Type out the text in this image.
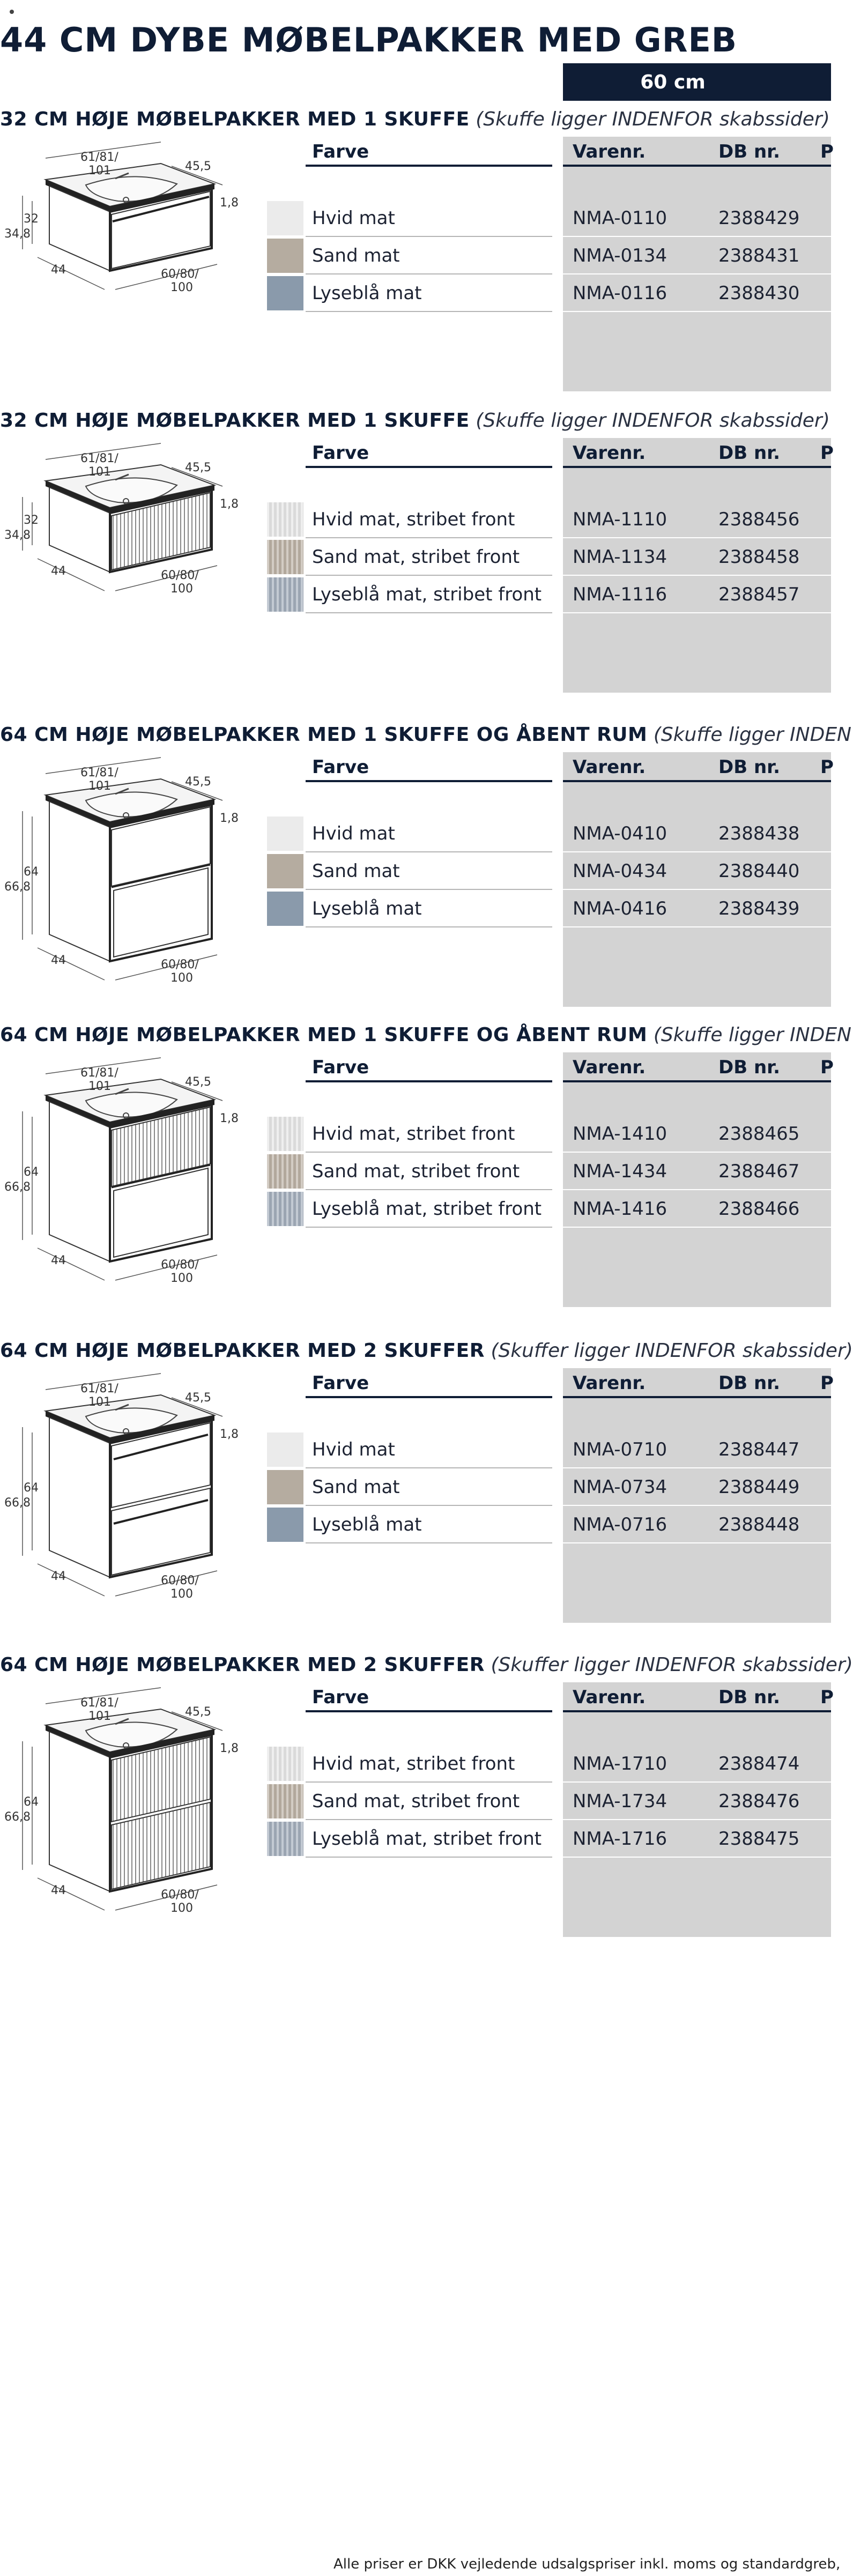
44 CM DYBE MØBELPAKKER MED GREB
60 cm
32 CM HØJE MØBELPAKKER MED 1 SKUFFE (Skuffe ligger INDENFOR skabssider)
61/81/
101	45,5
1,8
32
34,8
44	60/80/
100
Farve	Varenr.	DB nr. P
Hvid mat	NMA-0110	2388429
Sand mat	NMA-0134	2388431
Lyseblå mat	NMA-0116	2388430
32 CM HØJE MØBELPAKKER MED 1 SKUFFE (Skuffe ligger INDENFOR skabssider)
61/81/
101	45,5
1,8
32
34,8
44	60/80/
100
Farve	Varenr.	DB nr. P
Hvid mat, stribet front	NMA-1110	2388456
Sand mat, stribet front	NMA-1134	2388458
Lyseblå mat, stribet front	NMA-1116	2388457
64 CM HØJE MØBELPAKKER MED 1 SKUFFE OG ÅBENT RUM (Skuffe ligger INDEN
61/81/
101	45,5
1,8
64
66,8
44	60/80/
100
Farve	Varenr.	DB nr. P
Hvid mat	NMA-0410	2388438
Sand mat	NMA-0434	2388440
Lyseblå mat	NMA-0416	2388439
64 CM HØJE MØBELPAKKER MED 1 SKUFFE OG ÅBENT RUM (Skuffe ligger INDEN
61/81/
101	45,5
1,8
64
66,8
44	60/80/
100
Farve	Varenr.	DB nr. P
Hvid mat, stribet front	NMA-1410	2388465
Sand mat, stribet front	NMA-1434	2388467
Lyseblå mat, stribet front	NMA-1416	2388466
64 CM HØJE MØBELPAKKER MED 2 SKUFFER (Skuffer ligger INDENFOR skabssider)
61/81/
101	45,5
1,8
64
66,8
44	60/80/
100
Farve	Varenr.	DB nr. P
Hvid mat	NMA-0710	2388447
Sand mat	NMA-0734	2388449
Lyseblå mat	NMA-0716	2388448
64 CM HØJE MØBELPAKKER MED 2 SKUFFER (Skuffer ligger INDENFOR skabssider)
61/81/
101	45,5
1,8
64
66,8
44	60/80/
100
Farve	Varenr.	DB nr. P
Hvid mat, stribet front	NMA-1710	2388474
Sand mat, stribet front	NMA-1734	2388476
Lyseblå mat, stribet front	NMA-1716	2388475
Alle priser er DKK vejledende udsalgspriser inkl. moms og standardgreb,
